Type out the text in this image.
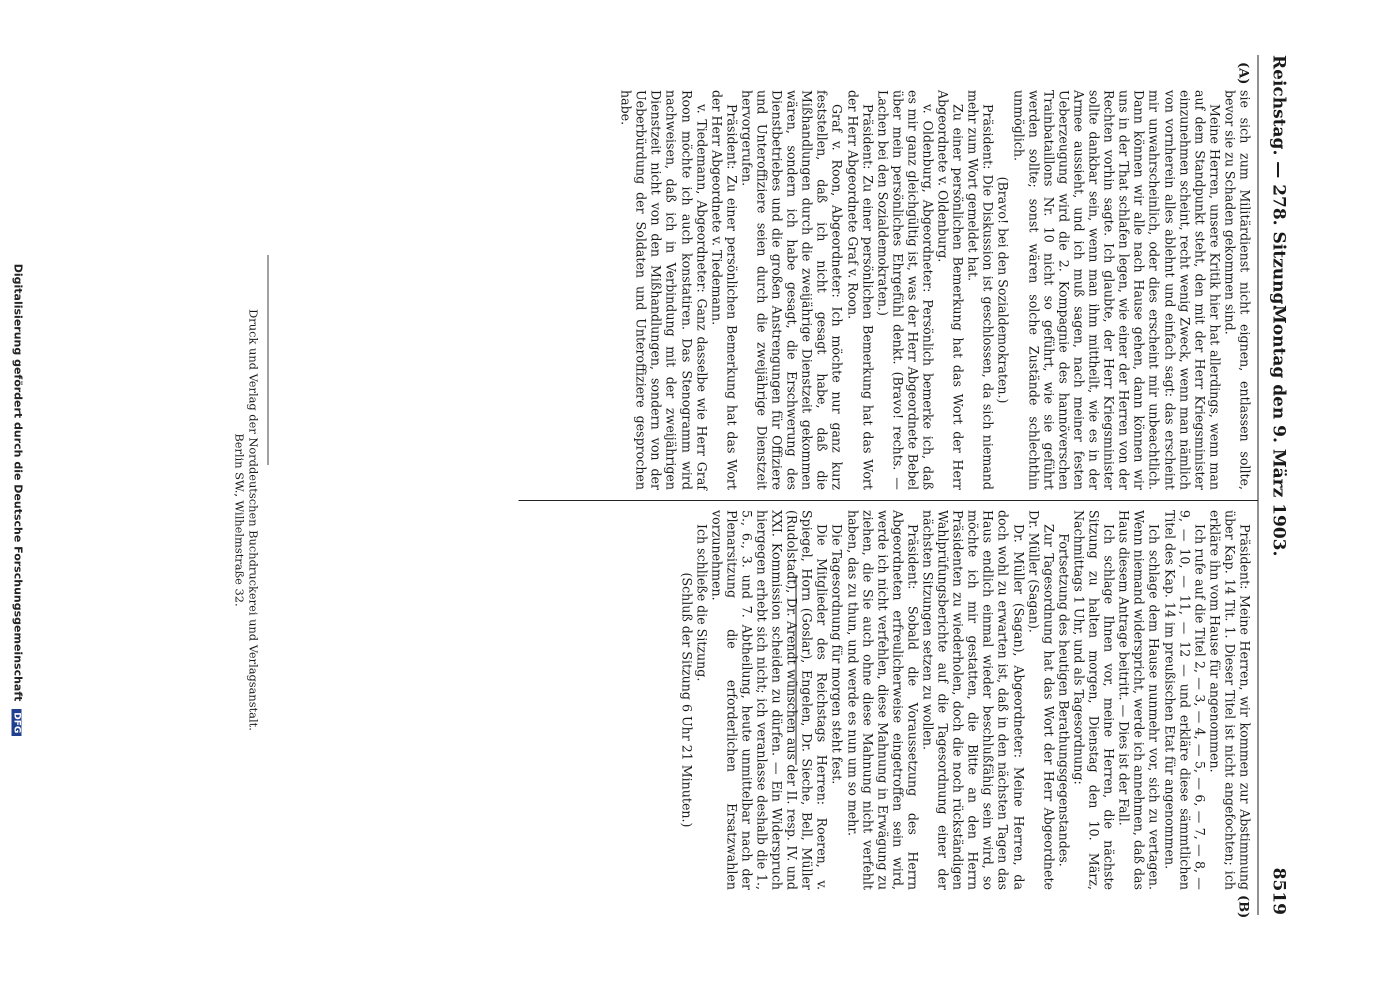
Reichstag. — 278. Sitzung.
Montag den 9. März 1903.
8519
(A)
(B)

sie sich zum Militärdienst nicht eignen, entlassen sollte, bevor sie zu Schaden gekommen sind.

Meine Herren, unsere Kritik hier hat allerdings, wenn man auf dem Standpunkt steht, den mit der Herr Kriegsminister einzunehmen scheint, recht wenig Zweck, wenn man nämlich von vornherein alles ablehnt und einfach sagt: das erscheint mir unwahrscheinlich, oder dies erscheint mir unbeachtlich. Dann können wir alle nach Hause gehen, dann können wir uns in der That schlafen legen, wie einer der Herren von der Rechten vorhin sagte. Ich glaubte, der Herr Kriegsminister sollte dankbar sein, wenn man ihm mittheilt, wie es in der Armee aussieht, und ich muß sagen, nach meiner festen Ueberzeugung wird die 2. Kompagnie des hannöverschen Trainbataillons Nr. 10 nicht so geführt, wie sie geführt werden sollte; sonst wären solche Zustände schlechthin unmöglich.

(Bravo! bei den Sozialdemokraten.)

Präsident: Die Diskussion ist geschlossen, da sich niemand mehr zum Wort gemeldet hat.

Zu einer persönlichen Bemerkung hat das Wort der Herr Abgeordnete v. Oldenburg.

v. Oldenburg, Abgeordneter: Persönlich bemerke ich, daß es mir ganz gleichgültig ist, was der Herr Abgeordnete Bebel über mein persönliches Ehrgefühl denkt. (Bravo! rechts. — Lachen bei den Sozialdemokraten.)

Präsident: Zu einer persönlichen Bemerkung hat das Wort der Herr Abgeordnete Graf v. Roon.

Graf v. Roon, Abgeordneter: Ich möchte nur ganz kurz feststellen, daß ich nicht gesagt habe, daß die Mißhandlungen durch die zweijährige Dienstzeit gekommen wären, sondern ich habe gesagt, die Erschwerung des Dienstbetriebes und die großen Anstrengungen für Offiziere und Unteroffiziere seien durch die zweijährige Dienstzeit hervorgerufen.

Präsident: Zu einer persönlichen Bemerkung hat das Wort der Herr Abgeordnete v. Tiedemann.

v. Tiedemann, Abgeordneter: Ganz dasselbe wie Herr Graf Roon möchte ich auch konstatiren. Das Stenogramm wird nachweisen, daß ich in Verbindung mit der zweijährigen Dienstzeit nicht von den Mißhandlungen, sondern von der Ueberbürdung der Soldaten und Unteroffiziere gesprochen habe.

Präsident: Meine Herren, wir kommen zur Abstimmung über Kap. 14 Tit. 1. Dieser Titel ist nicht angefochten; ich erkläre ihn vom Hause für angenommen.

Ich rufe auf die Titel 2, — 3, — 4, — 5, — 6, — 7, — 8, — 9, — 10, — 11, — 12 — und erkläre diese sämmtlichen Titel des Kap. 14 im preußischen Etat für angenommen.

Ich schlage dem Hause nunmehr vor, sich zu vertagen. Wenn niemand widerspricht, werde ich annehmen, daß das Haus diesem Antrage beitritt. — Dies ist der Fall.

Ich schlage Ihnen vor, meine Herren, die nächste Sitzung zu halten morgen, Dienstag den 10. März, Nachmittags 1 Uhr, und als Tagesordnung:

Fortsetzung des heutigen Berathungsgegenstandes.

Zur Tagesordnung hat das Wort der Herr Abgeordnete Dr. Müller (Sagan).

Dr. Müller (Sagan), Abgeordneter: Meine Herren, da doch wohl zu erwarten ist, daß in den nächsten Tagen das Haus endlich einmal wieder beschlußfähig sein wird, so möchte ich mir gestatten, die Bitte an den Herrn Präsidenten zu wiederholen, doch die noch rückständigen Wahlprüfungsberichte auf die Tagesordnung einer der nächsten Sitzungen setzen zu wollen.

Präsident: Sobald die Voraussetzung des Herrn Abgeordneten erfreulicherweise eingetroffen sein wird, werde ich nicht verfehlen, diese Mahnung in Erwägung zu ziehen, die Sie auch ohne diese Mahnung nicht verfehlt haben, das zu thun, und werde es nun um so mehr.

Die Tagesordnung für morgen steht fest.

Die Mitglieder des Reichstags Herren: Roeren, v. Spiegel, Horn (Goslar), Engelen, Dr. Sieche, Bell, Müller (Rudolstadt), Dr. Arendt wünschen aus der II. resp. IV. und XXI. Kommission scheiden zu dürfen. — Ein Widerspruch hiergegen erhebt sich nicht; ich veranlasse deshalb die 1., 5., 6., 3. und 7. Abtheilung, heute unmittelbar nach der Plenarsitzung die erforderlichen Ersatzwahlen vorzunehmen.

Ich schließe die Sitzung.

(Schluß der Sitzung 6 Uhr 21 Minuten.)

Druck und Verlag der Norddeutschen Buchdruckerei und Verlagsanstalt.
Berlin SW., Wilhelmstraße 32.
Digitalisierung gefördert durch die Deutsche Forschungsgemeinschaft DFG
